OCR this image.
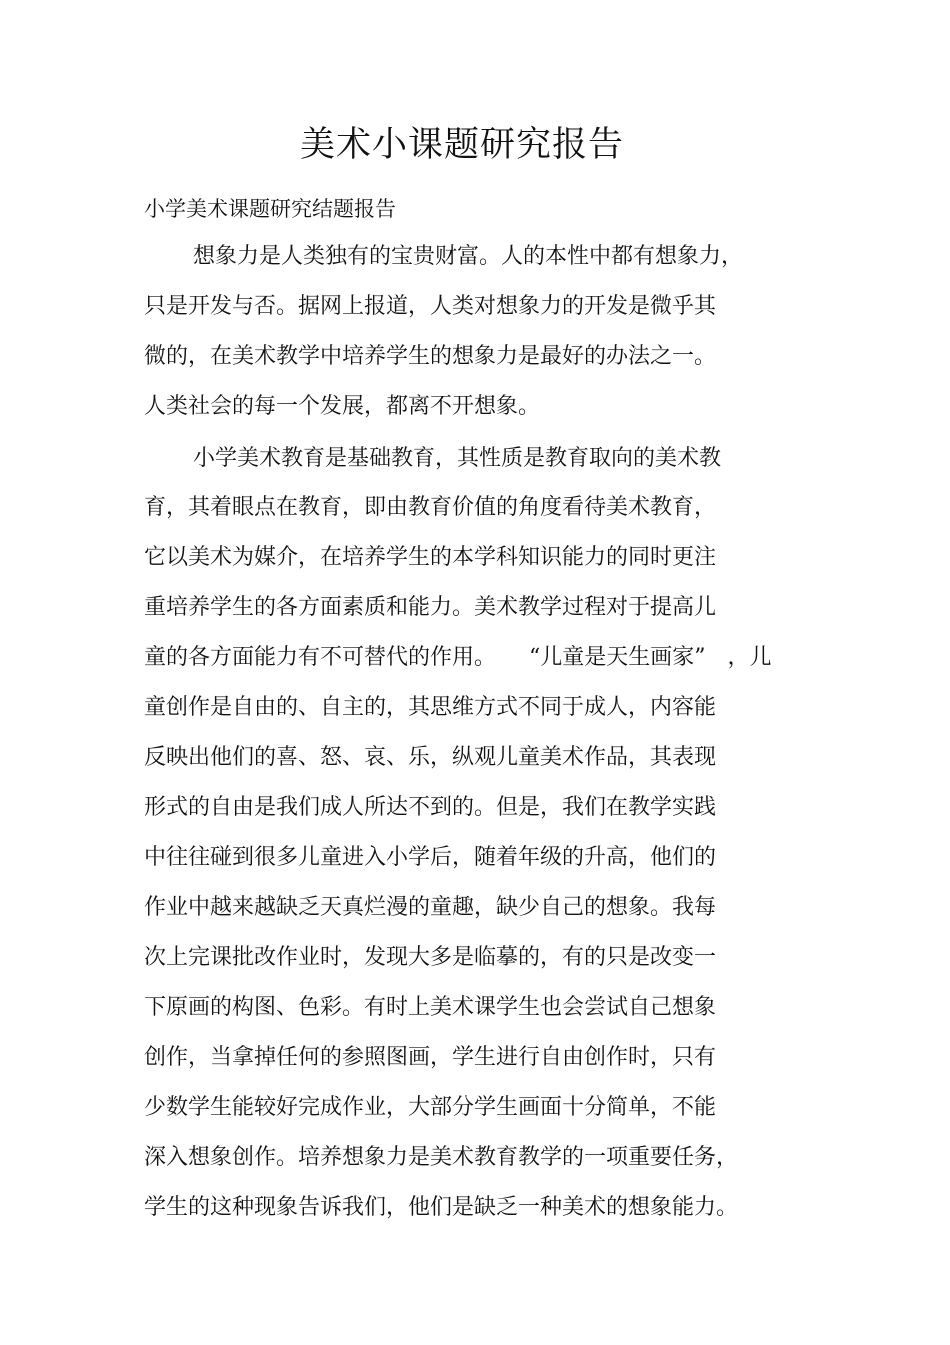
美术小课题研究报告
小学美术课题研究结题报告
想象力是人类独有的宝贵财富。人的本性中都有想象力，
只是开发与否。据网上报道，人类对想象力的开发是微乎其
微的，在美术教学中培养学生的想象力是最好的办法之一。
人类社会的每一个发展，都离不开想象。
小学美术教育是基础教育，其性质是教育取向的美术教
育，其着眼点在教育，即由教育价值的角度看待美术教育，
它以美术为媒介，在培养学生的本学科知识能力的同时更注
重培养学生的各方面素质和能力。美术教学过程对于提高儿
童的各方面能力有不可替代的作用。　　“儿童是天生画家”　，儿
童创作是自由的、自主的，其思维方式不同于成人，内容能
反映出他们的喜、怒、哀、乐，纵观儿童美术作品，其表现
形式的自由是我们成人所达不到的。但是，我们在教学实践
中往往碰到很多儿童进入小学后，随着年级的升高，他们的
作业中越来越缺乏天真烂漫的童趣，缺少自己的想象。我每
次上完课批改作业时，发现大多是临摹的，有的只是改变一
下原画的构图、色彩。有时上美术课学生也会尝试自己想象
创作，当拿掉任何的参照图画，学生进行自由创作时，只有
少数学生能较好完成作业，大部分学生画面十分简单，不能
深入想象创作。培养想象力是美术教育教学的一项重要任务，
学生的这种现象告诉我们，他们是缺乏一种美术的想象能力。
